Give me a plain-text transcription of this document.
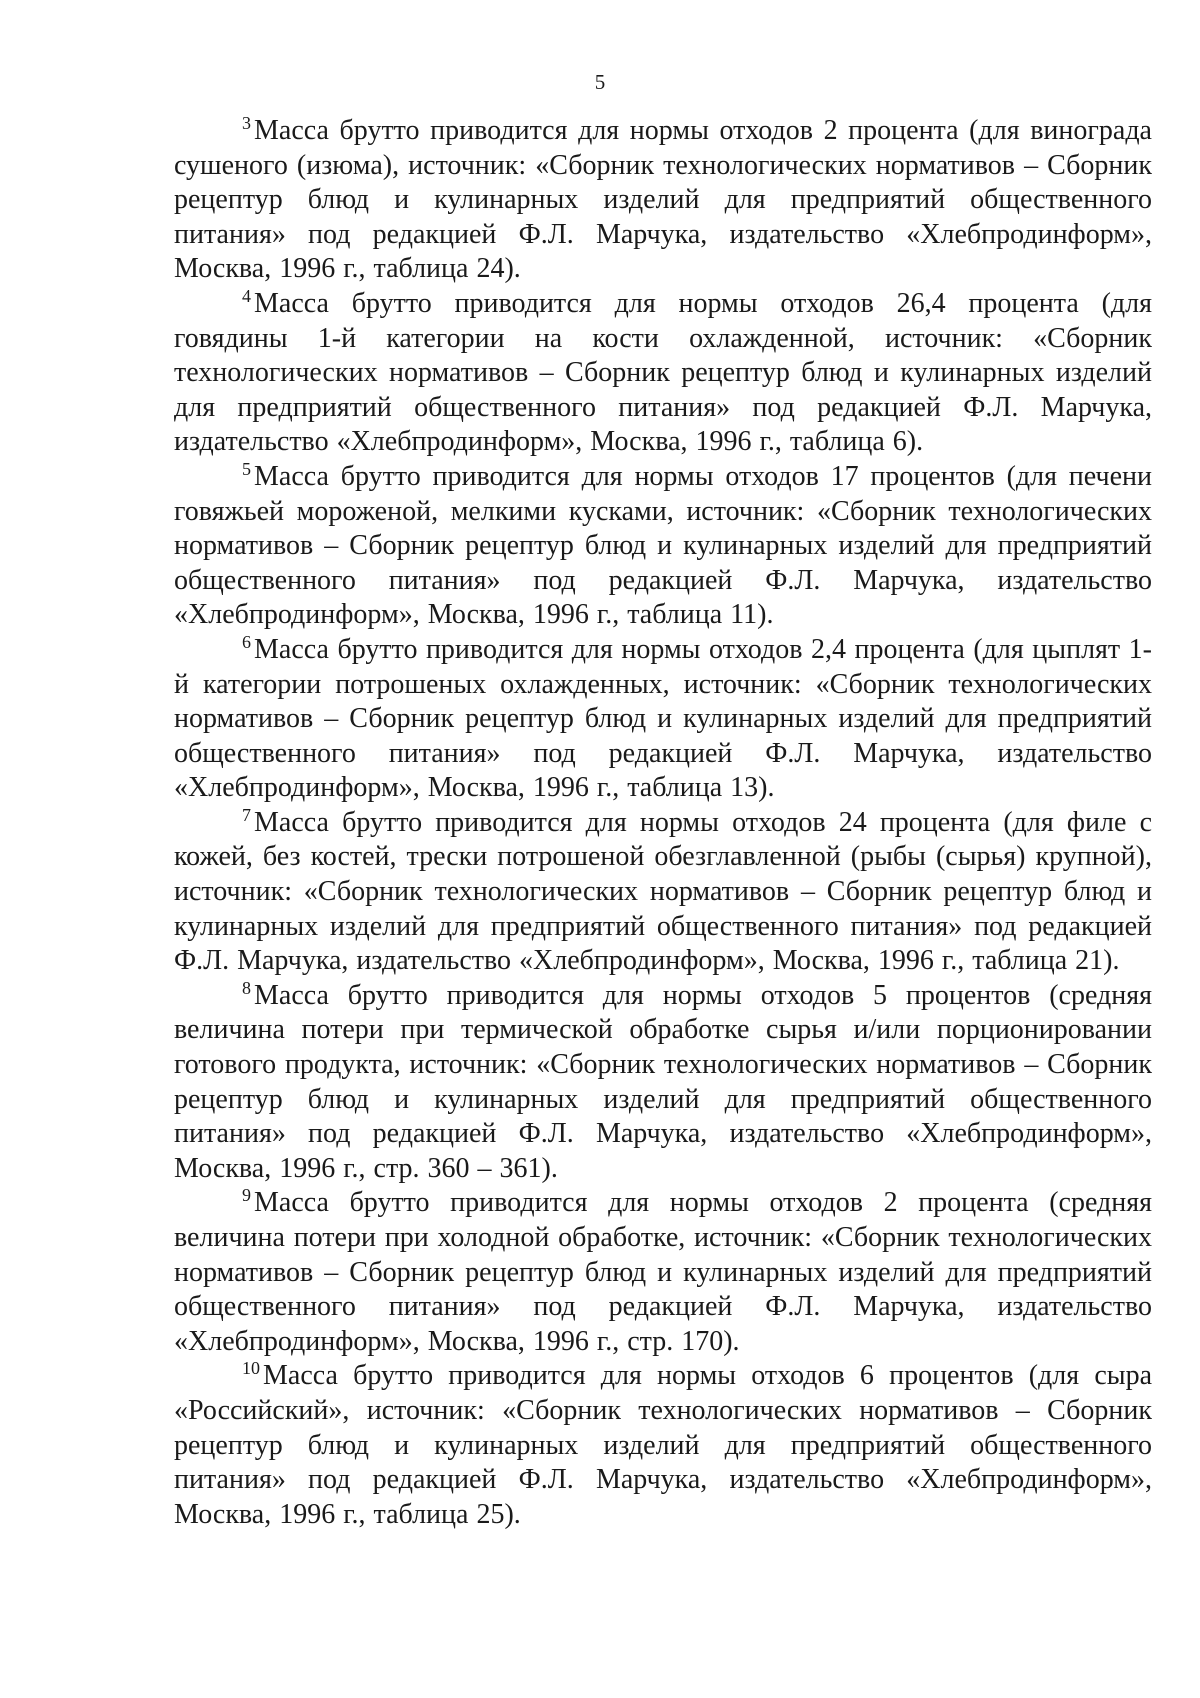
5

$^3$ Масса брутто приводится для нормы отходов 2 процента (для винограда сушеного (изюма), источник: «Сборник технологических нормативов – Сборник рецептур блюд и кулинарных изделий для предприятий общественного питания» под редакцией Ф.Л. Марчука, издательство «Хлебпродинформ», Москва, 1996 г., таблица 24).

$^4$ Масса брутто приводится для нормы отходов 26,4 процента (для говядины 1-й категории на кости охлажденной, источник: «Сборник технологических нормативов – Сборник рецептур блюд и кулинарных изделий для предприятий общественного питания» под редакцией Ф.Л. Марчука, издательство «Хлебпродинформ», Москва, 1996 г., таблица 6).

$^5$ Масса брутто приводится для нормы отходов 17 процентов (для печени говяжьей мороженой, мелкими кусками, источник: «Сборник технологических нормативов – Сборник рецептур блюд и кулинарных изделий для предприятий общественного питания» под редакцией Ф.Л. Марчука, издательство «Хлебпродинформ», Москва, 1996 г., таблица 11).

$^6$ Масса брутто приводится для нормы отходов 2,4 процента (для цыплят 1-й категории потрошеных охлажденных, источник: «Сборник технологических нормативов – Сборник рецептур блюд и кулинарных изделий для предприятий общественного питания» под редакцией Ф.Л. Марчука, издательство «Хлебпродинформ», Москва, 1996 г., таблица 13).

$^7$ Масса брутто приводится для нормы отходов 24 процента (для филе с кожей, без костей, трески потрошеной обезглавленной (рыбы (сырья) крупной), источник: «Сборник технологических нормативов – Сборник рецептур блюд и кулинарных изделий для предприятий общественного питания» под редакцией Ф.Л. Марчука, издательство «Хлебпродинформ», Москва, 1996 г., таблица 21).

$^8$ Масса брутто приводится для нормы отходов 5 процентов (средняя величина потери при термической обработке сырья и/или порционировании готового продукта, источник: «Сборник технологических нормативов – Сборник рецептур блюд и кулинарных изделий для предприятий общественного питания» под редакцией Ф.Л. Марчука, издательство «Хлебпродинформ», Москва, 1996 г., стр. 360 – 361).

$^9$ Масса брутто приводится для нормы отходов 2 процента (средняя величина потери при холодной обработке, источник: «Сборник технологических нормативов – Сборник рецептур блюд и кулинарных изделий для предприятий общественного питания» под редакцией Ф.Л. Марчука, издательство «Хлебпродинформ», Москва, 1996 г., стр. 170).

$^{10}$ Масса брутто приводится для нормы отходов 6 процентов (для сыра «Российский», источник: «Сборник технологических нормативов – Сборник рецептур блюд и кулинарных изделий для предприятий общественного питания» под редакцией Ф.Л. Марчука, издательство «Хлебпродинформ», Москва, 1996 г., таблица 25).
